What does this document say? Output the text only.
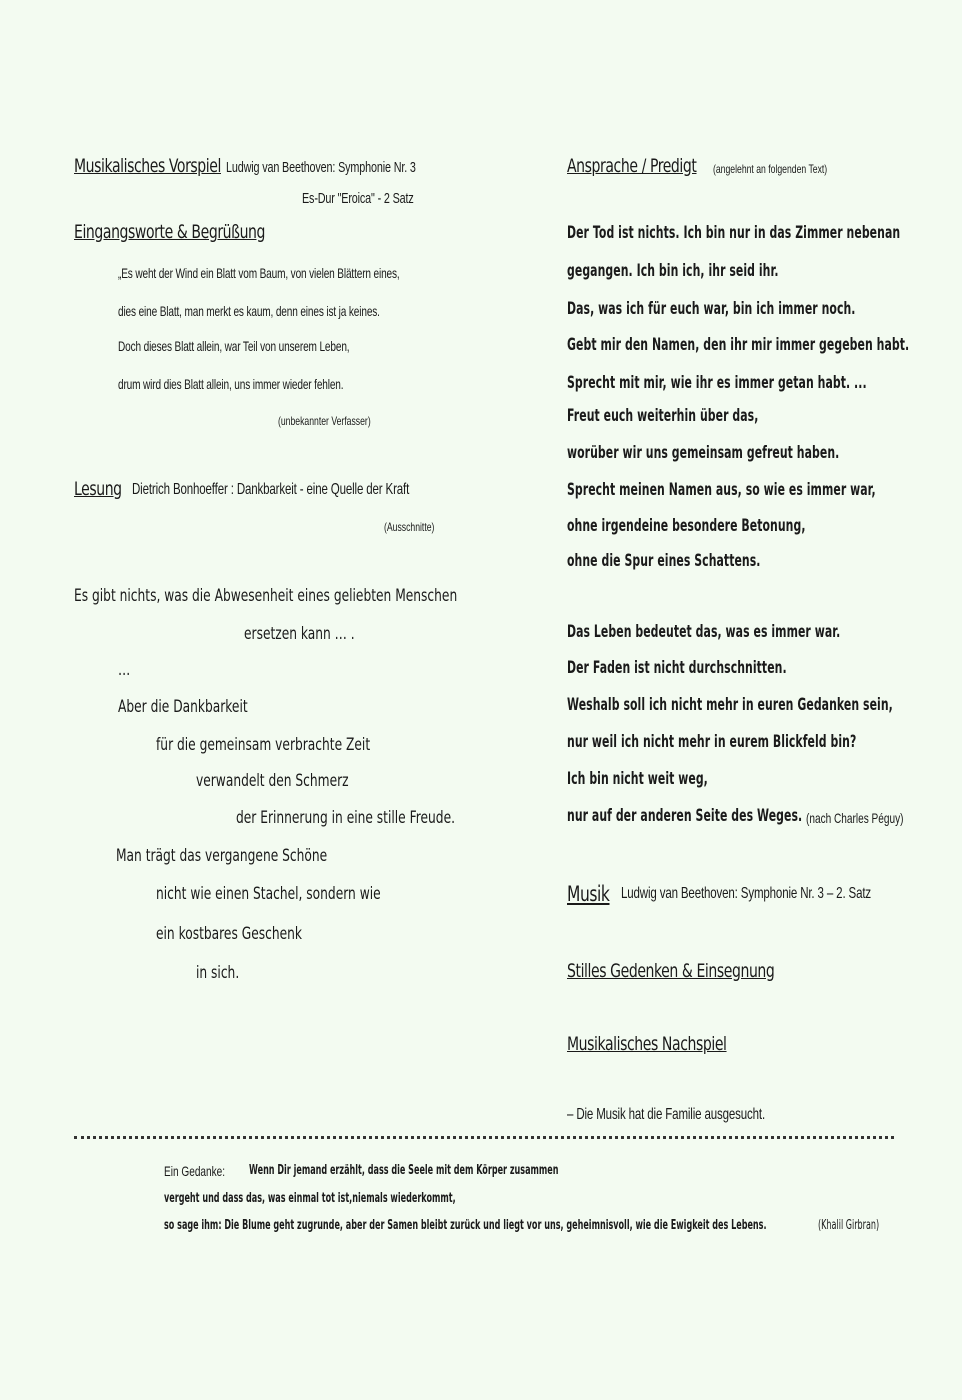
Musikalisches Vorspiel Ludwig van Beethoven: Symphonie Nr. 3
Es-Dur "Eroica" - 2 Satz
Eingangsworte & Begrüßung
„Es weht der Wind ein Blatt vom Baum, von vielen Blättern eines,
dies eine Blatt, man merkt es kaum, denn eines ist ja keines.
Doch dieses Blatt allein, war Teil von unserem Leben,
drum wird dies Blatt allein, uns immer wieder fehlen.
(unbekannter Verfasser)
Lesung Dietrich Bonhoeffer : Dankbarkeit - eine Quelle der Kraft
(Ausschnitte)
Es gibt nichts, was die Abwesenheit eines geliebten Menschen
ersetzen kann … .
…
Aber die Dankbarkeit
für die gemeinsam verbrachte Zeit
verwandelt den Schmerz
der Erinnerung in eine stille Freude.
Man trägt das vergangene Schöne
nicht wie einen Stachel, sondern wie
ein kostbares Geschenk
in sich.
Ansprache / Predigt (angelehnt an folgenden Text)
Der Tod ist nichts. Ich bin nur in das Zimmer nebenan
gegangen. Ich bin ich, ihr seid ihr.
Das, was ich für euch war, bin ich immer noch.
Gebt mir den Namen, den ihr mir immer gegeben habt.
Sprecht mit mir, wie ihr es immer getan habt. ...
Freut euch weiterhin über das,
worüber wir uns gemeinsam gefreut haben.
Sprecht meinen Namen aus, so wie es immer war,
ohne irgendeine besondere Betonung,
ohne die Spur eines Schattens.
Das Leben bedeutet das, was es immer war.
Der Faden ist nicht durchschnitten.
Weshalb soll ich nicht mehr in euren Gedanken sein,
nur weil ich nicht mehr in eurem Blickfeld bin?
Ich bin nicht weit weg,
nur auf der anderen Seite des Weges. (nach Charles Péguy)
Musik Ludwig van Beethoven: Symphonie Nr. 3 – 2. Satz
Stilles Gedenken & Einsegnung
Musikalisches Nachspiel
– Die Musik hat die Familie ausgesucht.
Ein Gedanke: Wenn Dir jemand erzählt, dass die Seele mit dem Körper zusammen
vergeht und dass das, was einmal tot ist,niemals wiederkommt,
so sage ihm: Die Blume geht zugrunde, aber der Samen bleibt zurück und liegt vor uns, geheimnisvoll, wie die Ewigkeit des Lebens.	(Khalil Girbran)
